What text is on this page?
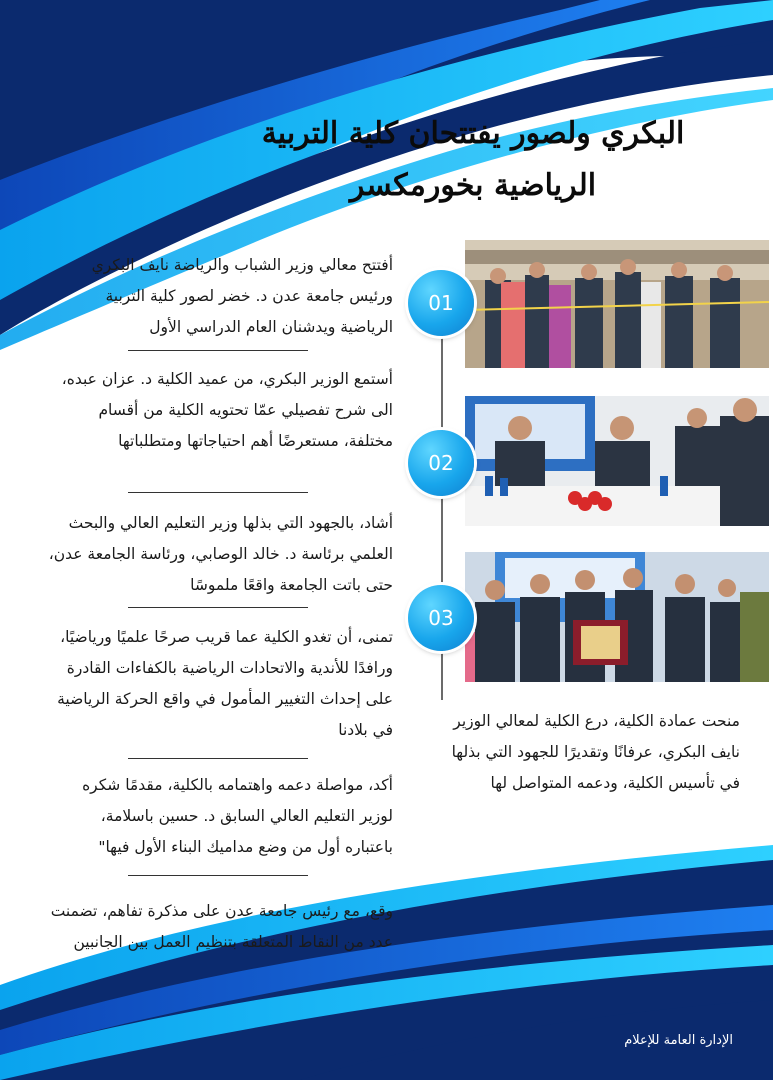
البكري ولصور يفتتحان كلية التربية الرياضية بخورمكسر
01
02
03
أفتتح معالي وزير الشباب والرياضة نايف البكري ورئيس جامعة عدن د. خضر لصور كلية التربية الرياضية ويدشنان العام الدراسي الأول
أستمع الوزير البكري، من عميد الكلية د. عزان عبده، الى شرح تفصيلي عمّا تحتويه الكلية من أقسام مختلفة، مستعرضًا أهم احتياجاتها ومتطلباتها
أشاد، بالجهود التي بذلها وزير التعليم العالي والبحث العلمي برئاسة د. خالد الوصابي، ورئاسة الجامعة عدن، حتى باتت الجامعة واقعًا ملموسًا
تمنى، أن تغدو الكلية عما قريب صرحًا علميًا ورياضيًا، ورافدًا للأندية والاتحادات الرياضية بالكفاءات القادرة على إحداث التغيير المأمول في واقع الحركة الرياضية في بلادنا
أكد، مواصلة دعمه واهتمامه بالكلية، مقدمًا شكره لوزير التعليم العالي السابق د. حسين باسلامة، باعتباره أول من وضع مداميك البناء الأول فيها"
وقع، مع رئيس جامعة عدن على مذكرة تفاهم، تضمنت عدد من النقاط المتعلقة بتنظيم العمل بين الجانبين
منحت عمادة الكلية، درع الكلية لمعالي الوزير نايف البكري، عرفانًا وتقديرًا للجهود التي بذلها في تأسيس الكلية، ودعمه المتواصل لها
الإدارة العامة للإعلام
